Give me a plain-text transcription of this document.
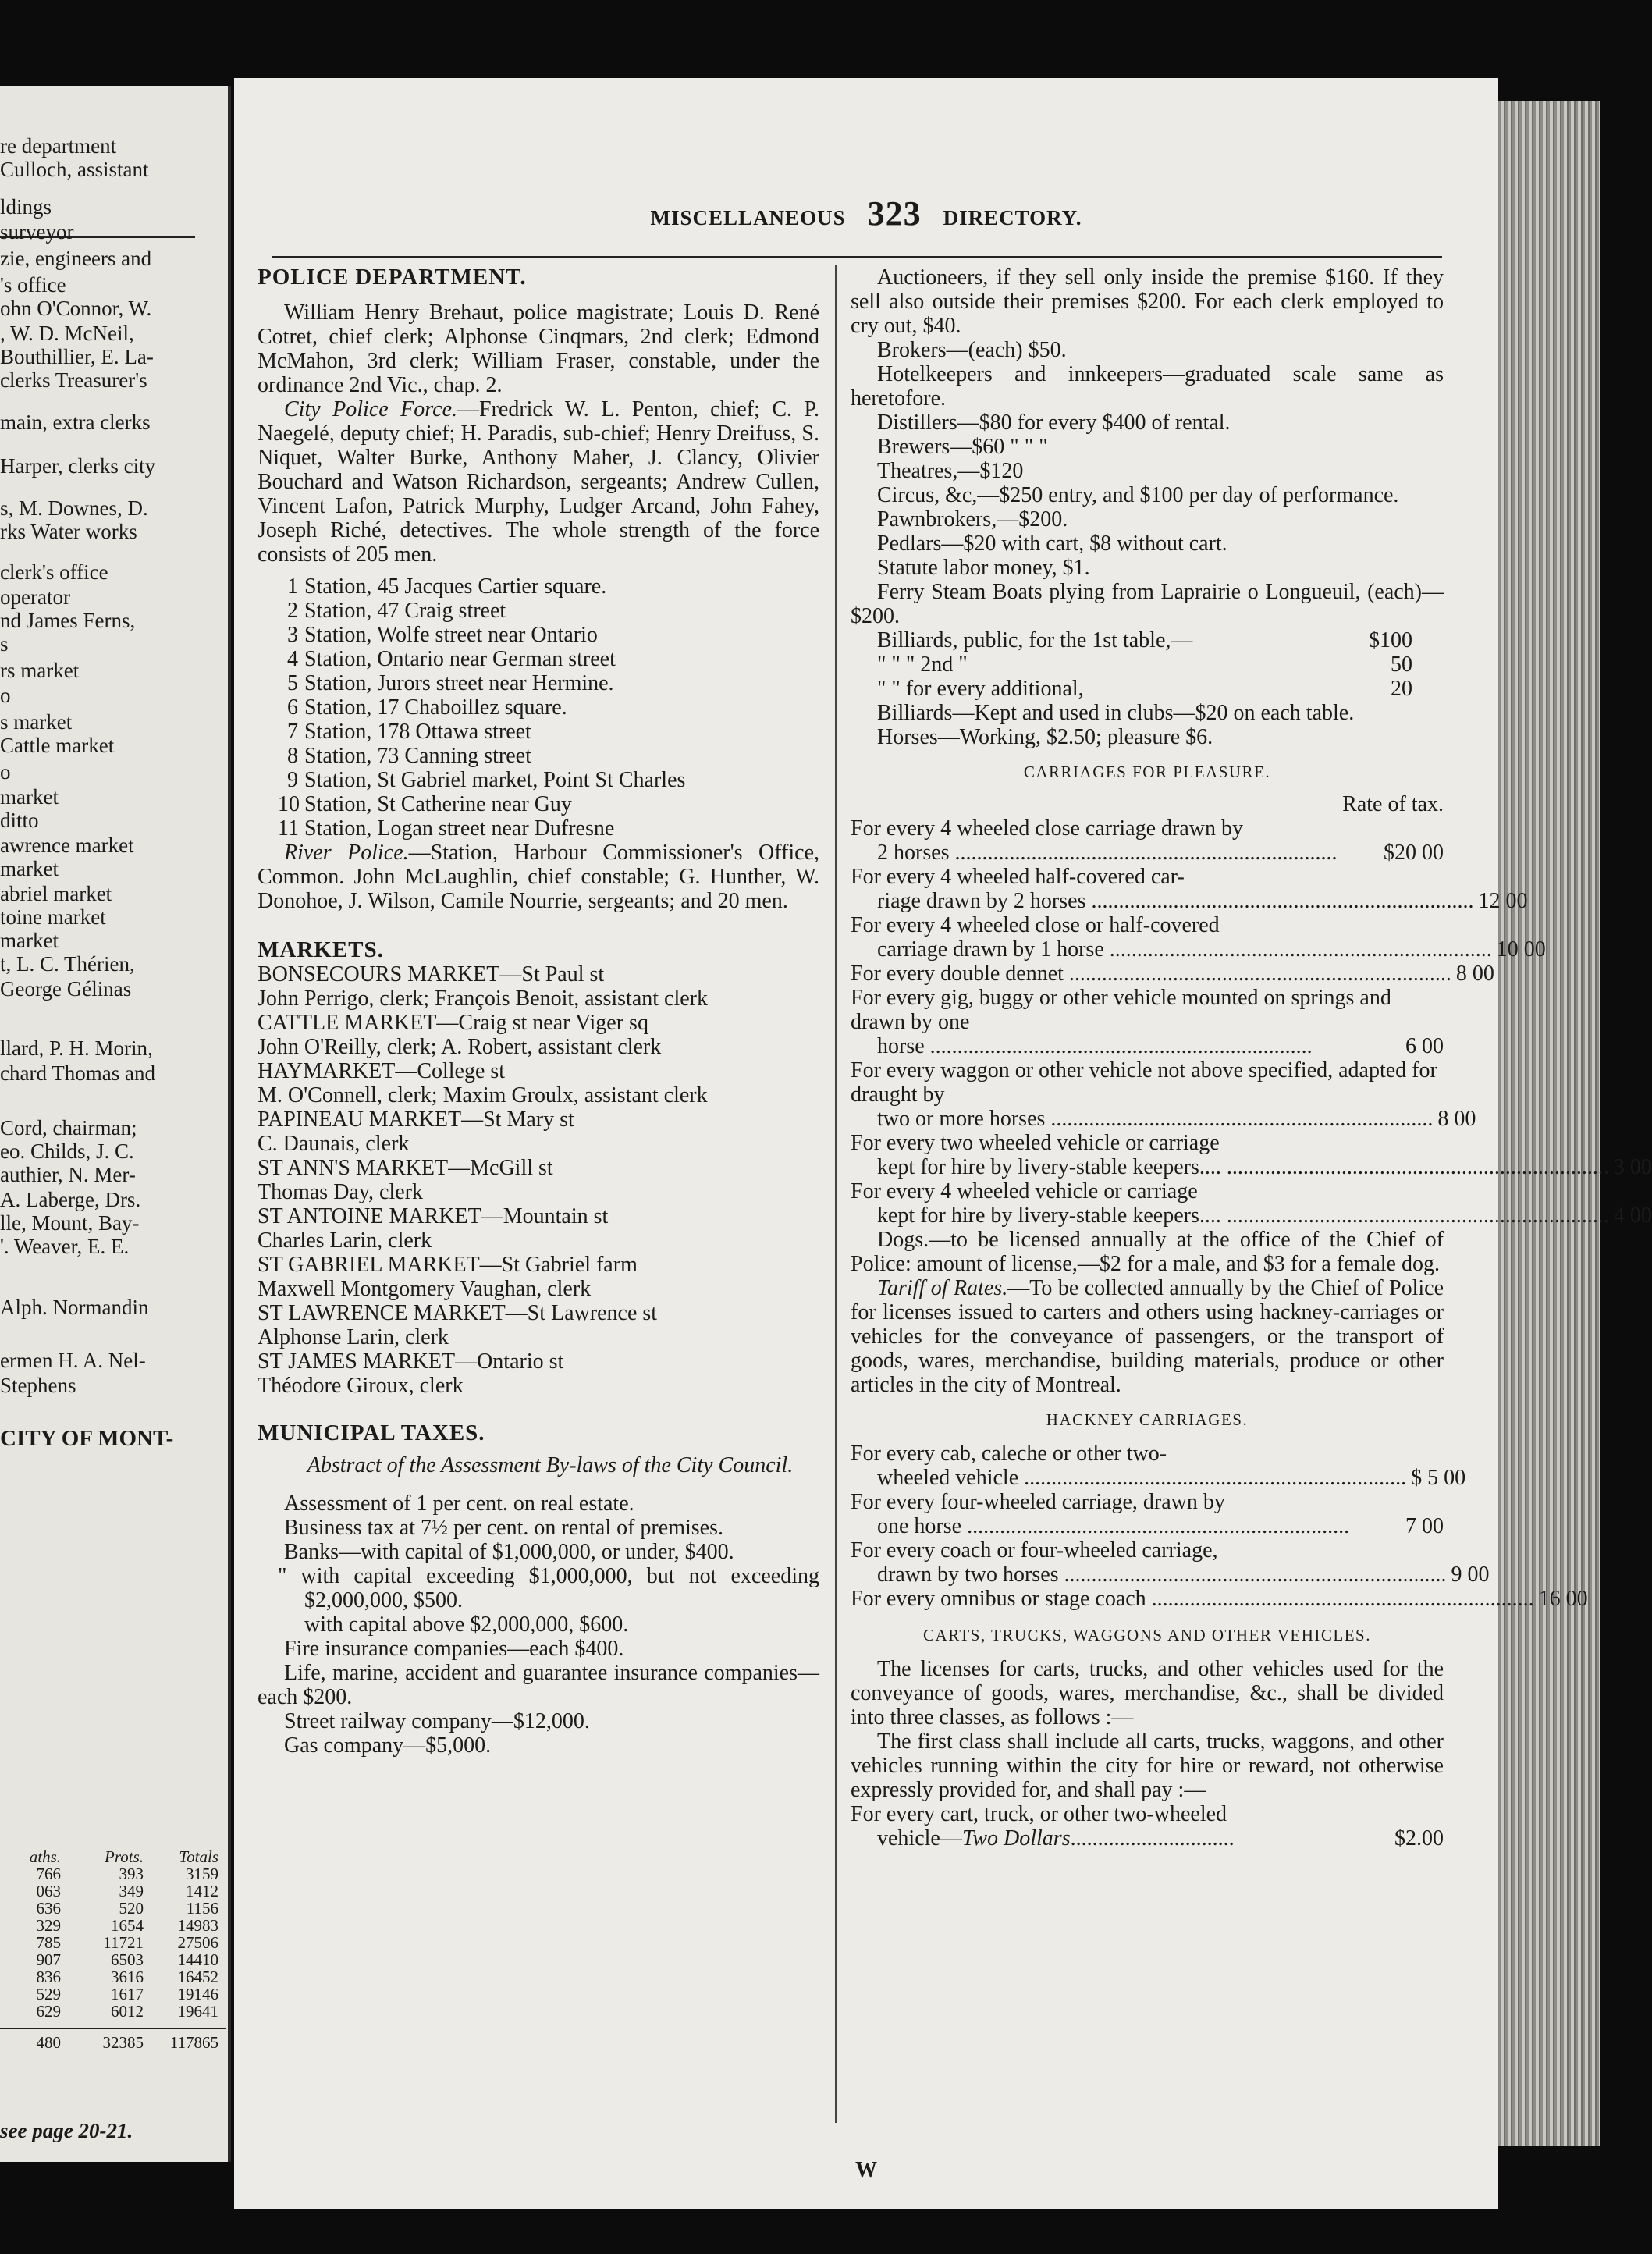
re department
Culloch, assistant
ldings
surveyor
zie, engineers and
's office
ohn O'Connor, W.
, W. D. McNeil,
Bouthillier, E. La-
clerks Treasurer's
main, extra clerks
Harper, clerks city
s, M. Downes, D.
rks Water works
clerk's office
operator
nd James Ferns,
s
rs market
o
s market
Cattle market
o
market
ditto
awrence market
market
abriel market
toine market
market
t, L. C. Thérien,
George Gélinas
llard, P. H. Morin,
chard Thomas and
Cord, chairman;
eo. Childs, J. C.
authier, N. Mer-
A. Laberge, Drs.
lle, Mount, Bay-
'. Weaver, E. E.
Alph. Normandin
ermen H. A. Nel-
Stephens
CITY OF MONT-
aths.	Prots.	Totals
766	393	3159
063	349	1412
636	520	1156
329	1654	14983
785	11721	27506
907	6503	14410
836	3616	16452
529	1617	19146
629	6012	19641
480	32385	117865
see page 20-21.
MISCELLANEOUS 323 DIRECTORY.

POLICE DEPARTMENT.

William Henry Brehaut, police magistrate; Louis D. René Cotret, chief clerk; Alphonse Cinqmars, 2nd clerk; Edmond McMahon, 3rd clerk; William Fraser, constable, under the ordinance 2nd Vic., chap. 2.

City Police Force.—Fredrick W. L. Penton, chief; C. P. Naegelé, deputy chief; H. Paradis, sub-chief; Henry Dreifuss, S. Niquet, Walter Burke, Anthony Maher, J. Clancy, Olivier Bouchard and Watson Richardson, sergeants; Andrew Cullen, Vincent Lafon, Patrick Murphy, Ludger Arcand, John Fahey, Joseph Riché, detectives. The whole strength of the force consists of 205 men.

1 Station, 45 Jacques Cartier square.
2 Station, 47 Craig street
3 Station, Wolfe street near Ontario
4 Station, Ontario near German street
5 Station, Jurors street near Hermine.
6 Station, 17 Chaboillez square.
7 Station, 178 Ottawa street
8 Station, 73 Canning street
9 Station, St Gabriel market, Point St Charles
10 Station, St Catherine near Guy
11 Station, Logan street near Dufresne

River Police.—Station, Harbour Commissioner's Office, Common. John McLaughlin, chief constable; G. Hunther, W. Donohoe, J. Wilson, Camile Nourrie, sergeants; and 20 men.

MARKETS.

BONSECOURS MARKET—St Paul st
John Perrigo, clerk; François Benoit, assistant clerk
CATTLE MARKET—Craig st near Viger sq
John O'Reilly, clerk; A. Robert, assistant clerk
HAYMARKET—College st
M. O'Connell, clerk; Maxim Groulx, assistant clerk
PAPINEAU MARKET—St Mary st
C. Daunais, clerk
ST ANN'S MARKET—McGill st
Thomas Day, clerk
ST ANTOINE MARKET—Mountain st
Charles Larin, clerk
ST GABRIEL MARKET—St Gabriel farm
Maxwell Montgomery Vaughan, clerk
ST LAWRENCE MARKET—St Lawrence st
Alphonse Larin, clerk
ST JAMES MARKET—Ontario st
Théodore Giroux, clerk

MUNICIPAL TAXES.

Abstract of the Assessment By-laws of the City Council.

Assessment of 1 per cent. on real estate.

Business tax at 7½ per cent. on rental of premises.

Banks—with capital of $1,000,000, or under, $400.

" with capital exceeding $1,000,000, but not exceeding $2,000,000, $500.

with capital above $2,000,000, $600.

Fire insurance companies—each $400.

Life, marine, accident and guarantee insurance companies—each $200.

Street railway company—$12,000.

Gas company—$5,000.

Auctioneers, if they sell only inside the premise $160. If they sell also outside their premises $200. For each clerk employed to cry out, $40.

Brokers—(each) $50.

Hotelkeepers and innkeepers—graduated scale same as heretofore.

Distillers—$80 for every $400 of rental.

Brewers—$60 " " "

Theatres,—$120

Circus, &c,—$250 entry, and $100 per day of performance.

Pawnbrokers,—$200.

Pedlars—$20 with cart, $8 without cart.

Statute labor money, $1.

Ferry Steam Boats plying from Laprairie o Longueuil, (each)—$200.

Billiards, public, for the 1st table,—	$100
" " " 2nd "	50
" " for every additional,	20

Billiards—Kept and used in clubs—$20 on each table.

Horses—Working, $2.50; pleasure $6.

CARRIAGES FOR PLEASURE.

Rate of tax.

For every 4 wheeled close carriage drawn by
2 horses ......................................................................	$20 00
For every 4 wheeled half-covered car-
riage drawn by 2 horses ...................................................................... 12 00
For every 4 wheeled close or half-covered
carriage drawn by 1 horse ...................................................................... 10 00
For every double dennet ...................................................................... 8 00
For every gig, buggy or other vehicle mounted on springs and drawn by one
horse ......................................................................	6 00
For every waggon or other vehicle not above specified, adapted for draught by
two or more horses ...................................................................... 8 00
For every two wheeled vehicle or carriage
kept for hire by livery-stable keepers.... ...................................................................... 3 00
For every 4 wheeled vehicle or carriage
kept for hire by livery-stable keepers.... ...................................................................... 4 00

Dogs.—to be licensed annually at the office of the Chief of Police: amount of license,—$2 for a male, and $3 for a female dog.

Tariff of Rates.—To be collected annually by the Chief of Police for licenses issued to carters and others using hackney-carriages or vehicles for the conveyance of passengers, or the transport of goods, wares, merchandise, building materials, produce or other articles in the city of Montreal.

HACKNEY CARRIAGES.

For every cab, caleche or other two-
wheeled vehicle ...................................................................... $ 5 00
For every four-wheeled carriage, drawn by
one horse ......................................................................	7 00
For every coach or four-wheeled carriage,
drawn by two horses ...................................................................... 9 00
For every omnibus or stage coach ...................................................................... 16 00

CARTS, TRUCKS, WAGGONS AND OTHER VEHICLES.

The licenses for carts, trucks, and other vehicles used for the conveyance of goods, wares, merchandise, &c., shall be divided into three classes, as follows :—

The first class shall include all carts, trucks, waggons, and other vehicles running within the city for hire or reward, not otherwise expressly provided for, and shall pay :—

For every cart, truck, or other two-wheeled
vehicle—Two Dollars..............................	$2.00
W
